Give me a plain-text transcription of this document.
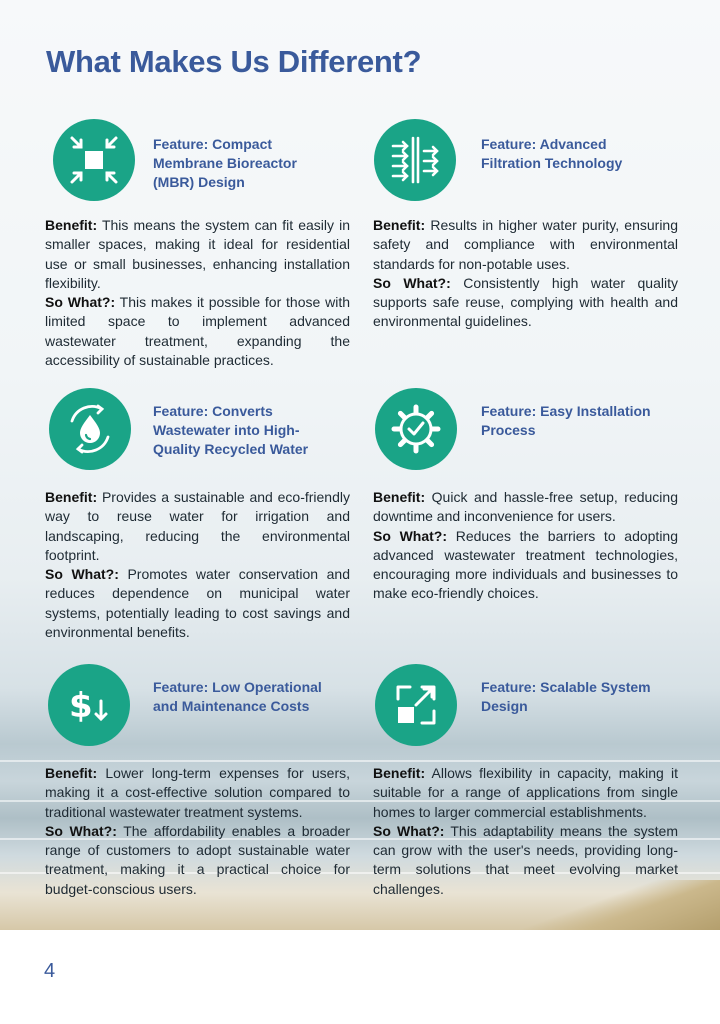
What Makes Us Different?
Feature: Compact Membrane Bioreactor (MBR) Design

Benefit: This means the system can fit easily in smaller spaces, making it ideal for residential use or small businesses, enhancing installation flexibility.

So What?: This makes it possible for those with limited space to implement advanced wastewater treatment, expanding the accessibility of sustainable practices.

Feature: Advanced Filtration Technology

Benefit: Results in higher water purity, ensuring safety and compliance with environmental standards for non-potable uses.

So What?: Consistently high water quality supports safe reuse, complying with health and environmental guidelines.

Feature: Converts Wastewater into High-Quality Recycled Water

Benefit: Provides a sustainable and eco-friendly way to reuse water for irrigation and landscaping, reducing the environmental footprint.

So What?: Promotes water conservation and reduces dependence on municipal water systems, potentially leading to cost savings and environmental benefits.

Feature: Easy Installation Process

Benefit: Quick and hassle-free setup, reducing downtime and inconvenience for users.

So What?: Reduces the barriers to adopting advanced wastewater treatment technologies, encouraging more individuals and businesses to make eco-friendly choices.

$	Feature: Low Operational and Maintenance Costs

Benefit: Lower long-term expenses for users, making it a cost-effective solution compared to traditional wastewater treatment systems.

So What?: The affordability enables a broader range of customers to adopt sustainable water treatment, making it a practical choice for budget-conscious users.

Feature: Scalable System Design

Benefit: Allows flexibility in capacity, making it suitable for a range of applications from single homes to larger commercial establishments.

So What?: This adaptability means the system can grow with the user's needs, providing long-term solutions that meet evolving market challenges.

4
